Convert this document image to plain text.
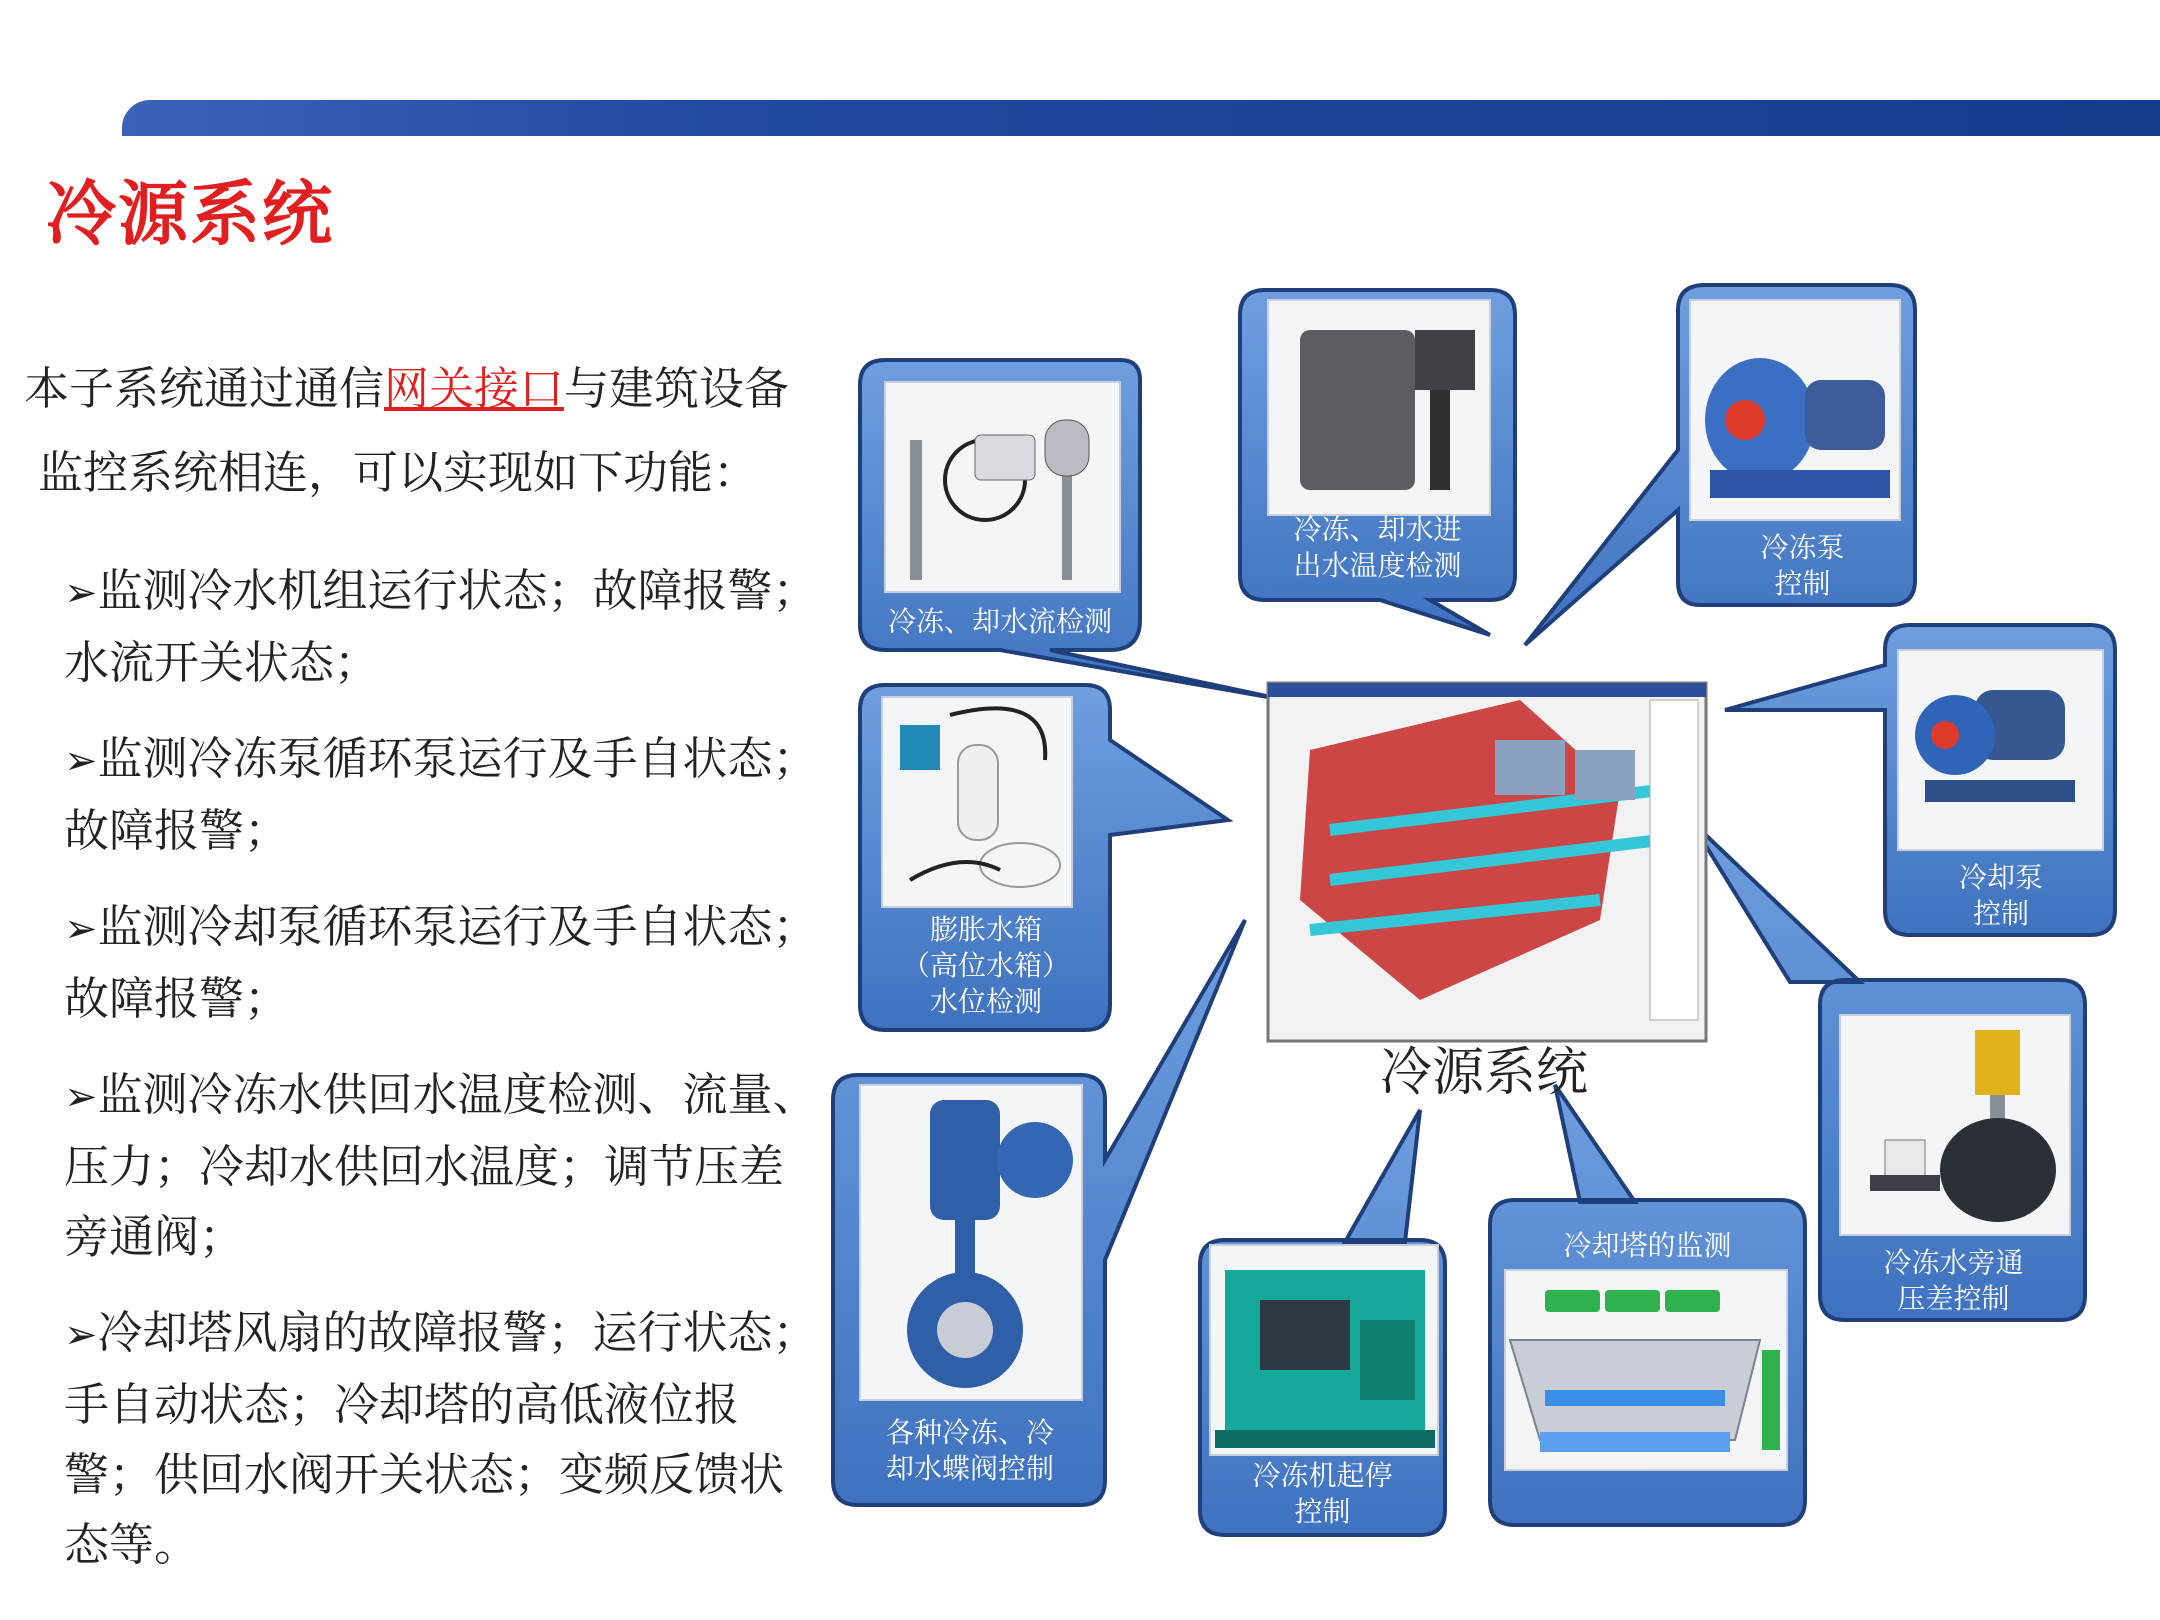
冷源系统
本子系统通过通信网关接口与建筑设备
监控系统相连，可以实现如下功能：
➢监测冷水机组运行状态；故障报警；水流开关状态；
➢监测冷冻泵循环泵运行及手自状态；故障报警；
➢监测冷却泵循环泵运行及手自状态；故障报警；
➢监测冷冻水供回水温度检测、流量、压力；冷却水供回水温度；调节压差旁通阀；
➢冷却塔风扇的故障报警；运行状态；手自动状态；冷却塔的高低液位报警；供回水阀开关状态；变频反馈状态等。
冷冻、却水流检测
冷冻、却水进
出水温度检测
冷冻泵
控制
膨胀水箱
（高位水箱）
水位检测
冷却泵
控制
各种冷冻、冷
却水蝶阀控制	冷冻机起停
控制
冷却塔的监测
冷冻水旁通
压差控制
冷源系统
